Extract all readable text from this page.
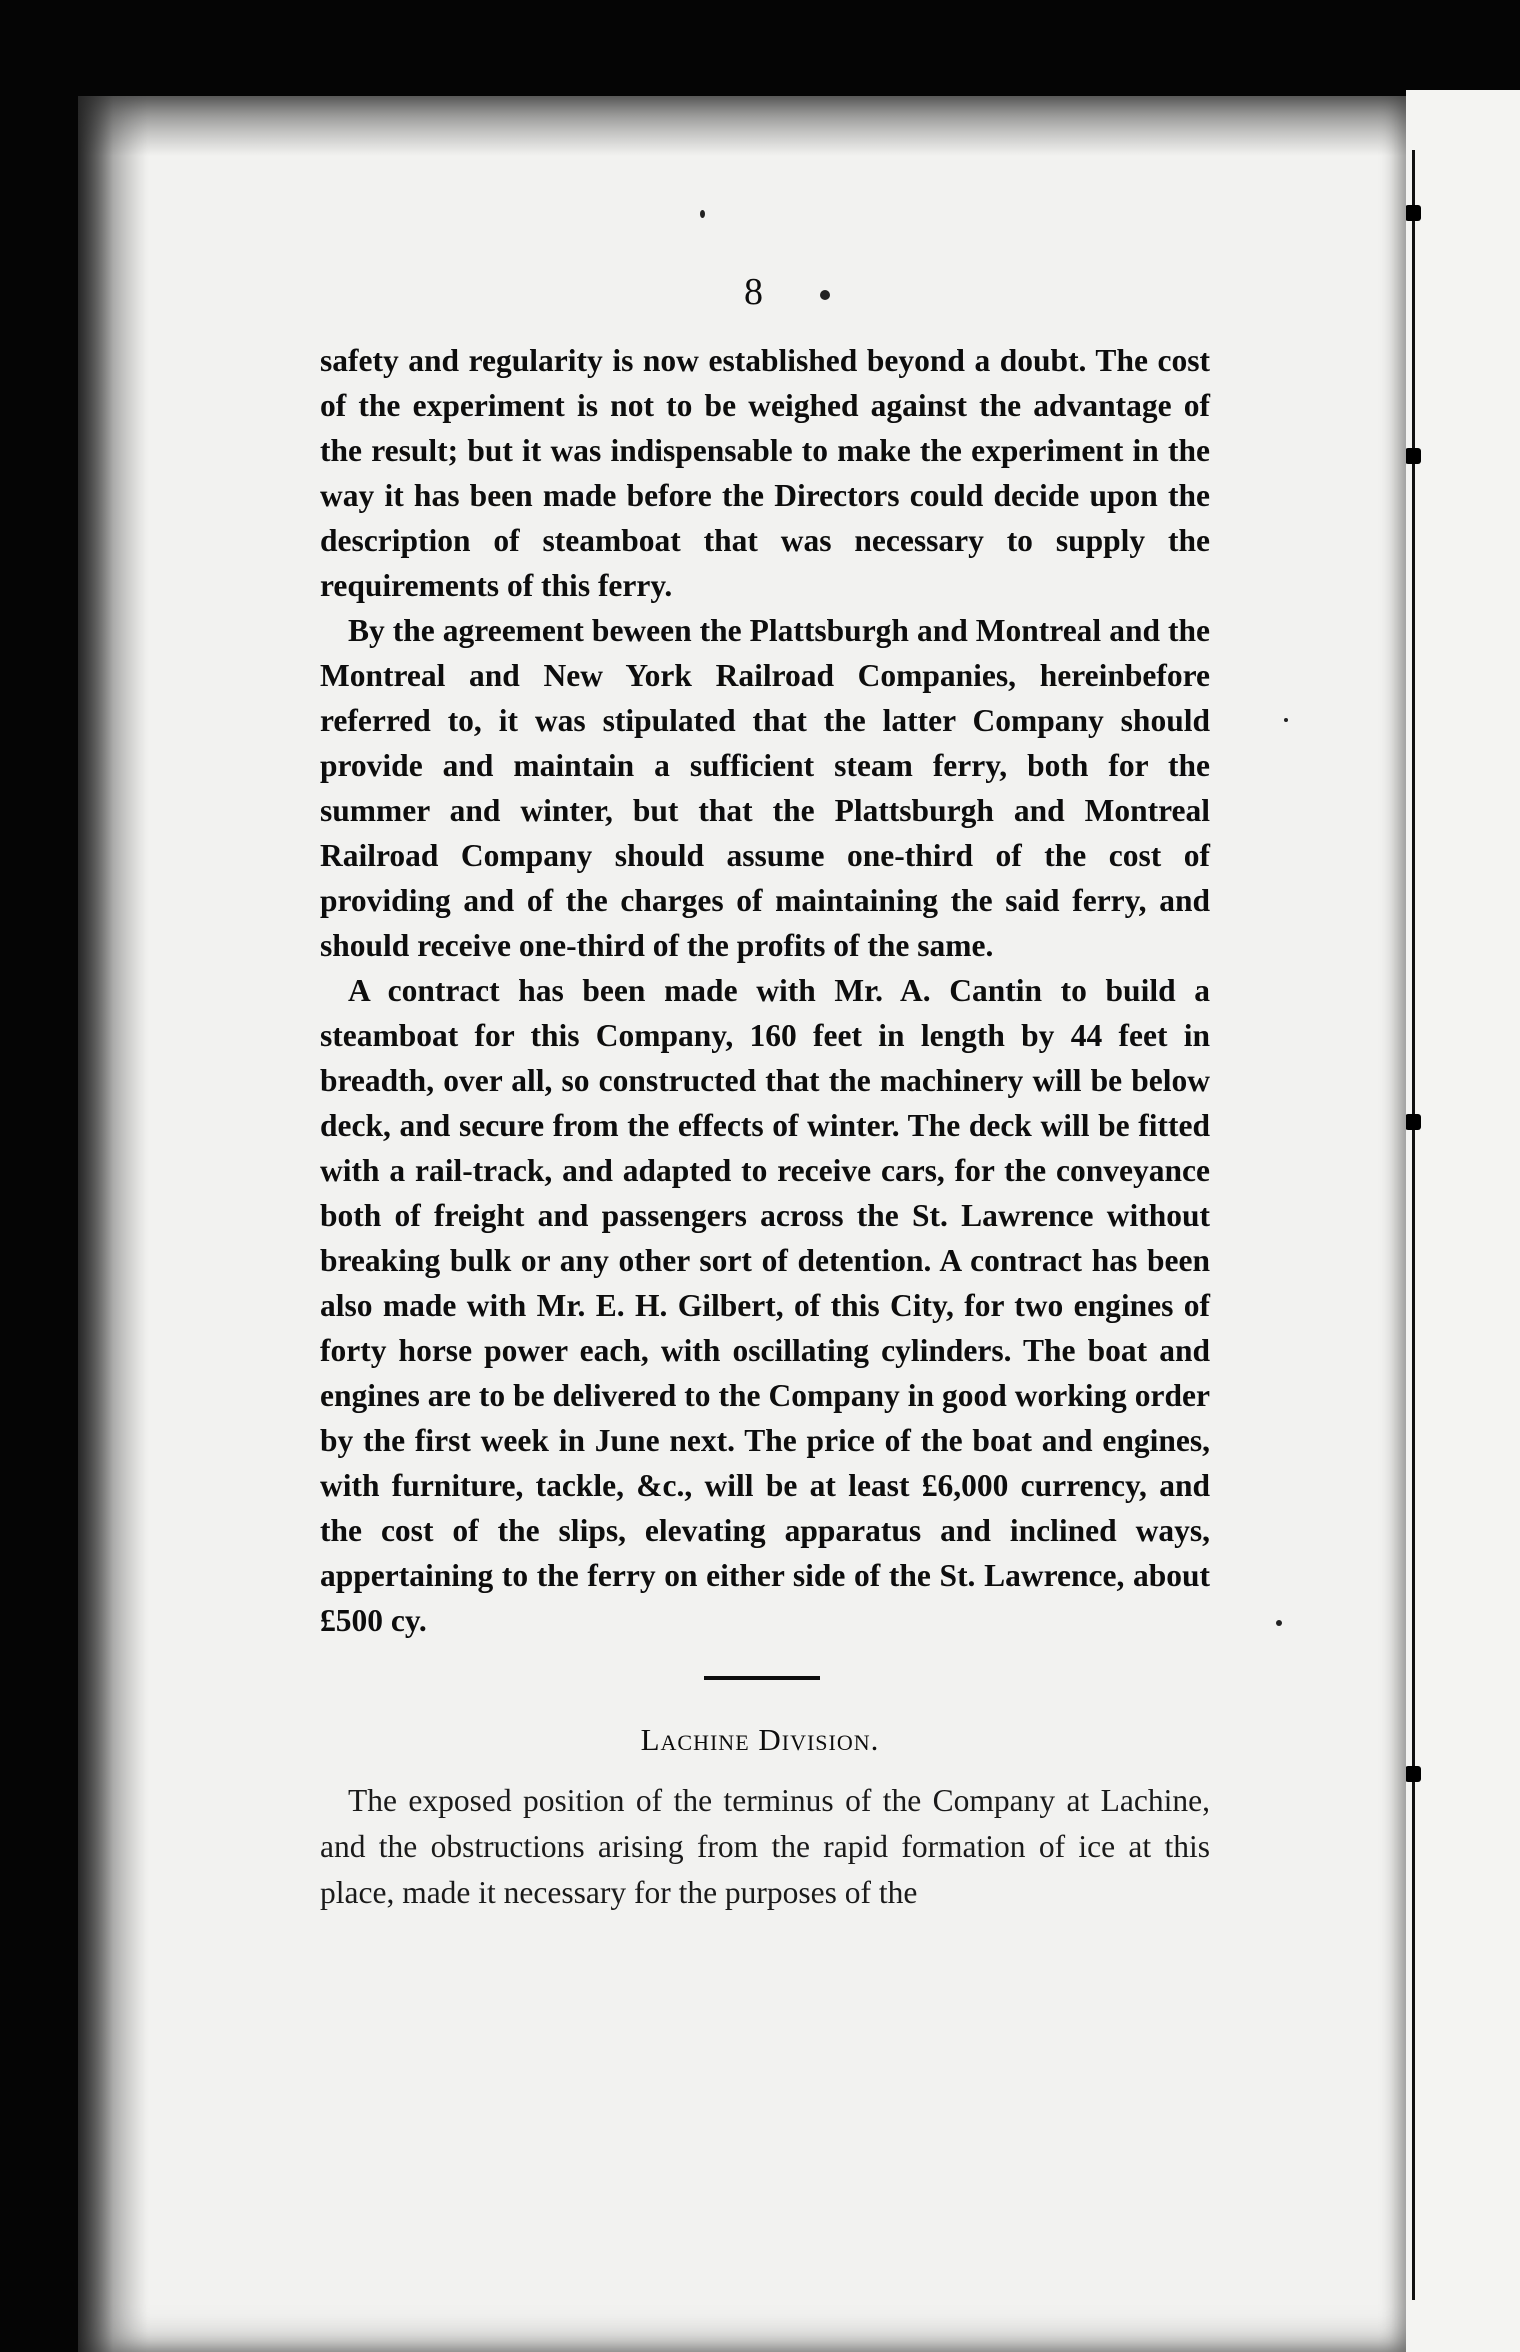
8

safety and regularity is now established beyond a doubt. The cost of the experiment is not to be weighed against the advantage of the result; but it was indispensable to make the experiment in the way it has been made before the Directors could decide upon the description of steamboat that was necessary to supply the requirements of this ferry.

By the agreement beween the Plattsburgh and Montreal and the Montreal and New York Railroad Companies, hereinbefore referred to, it was stipulated that the latter Company should provide and maintain a sufficient steam ferry, both for the summer and winter, but that the Plattsburgh and Montreal Railroad Company should assume one-third of the cost of providing and of the charges of maintaining the said ferry, and should receive one-third of the profits of the same.

A contract has been made with Mr. A. Cantin to build a steamboat for this Company, 160 feet in length by 44 feet in breadth, over all, so constructed that the machinery will be below deck, and secure from the effects of winter. The deck will be fitted with a rail-track, and adapted to receive cars, for the conveyance both of freight and passengers across the St. Lawrence without breaking bulk or any other sort of detention. A contract has been also made with Mr. E. H. Gilbert, of this City, for two engines of forty horse power each, with oscillating cylinders. The boat and engines are to be delivered to the Company in good working order by the first week in June next. The price of the boat and engines, with furniture, tackle, &c., will be at least £6,000 currency, and the cost of the slips, elevating apparatus and inclined ways, appertaining to the ferry on either side of the St. Lawrence, about £500 cy.

Lachine Division.

The exposed position of the terminus of the Company at Lachine, and the obstructions arising from the rapid formation of ice at this place, made it necessary for the purposes of the
